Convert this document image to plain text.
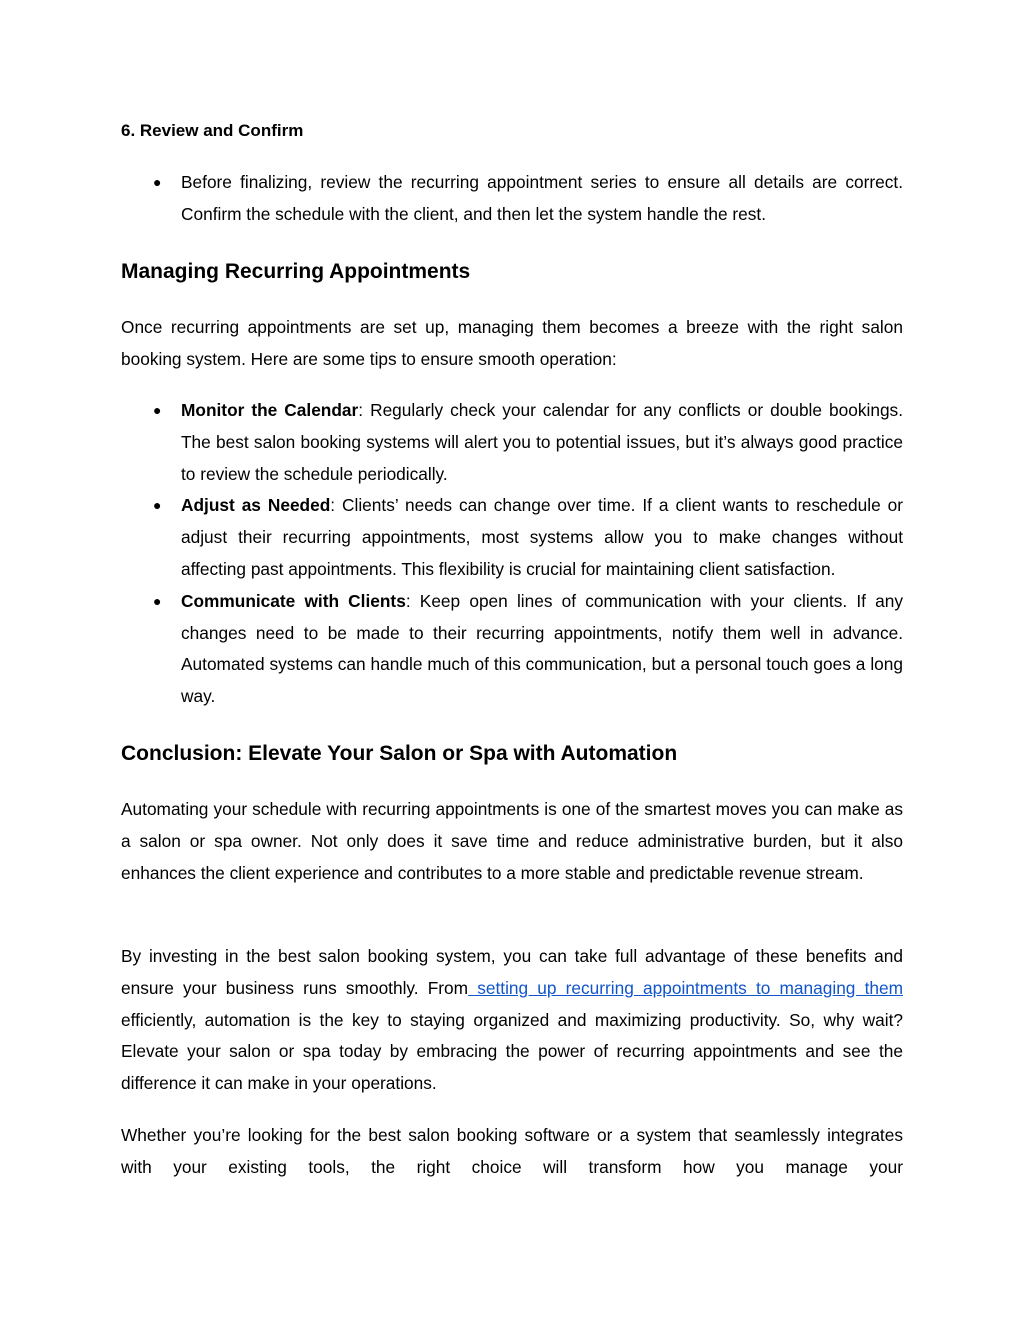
6. Review and Confirm
● Before finalizing, review the recurring appointment series to ensure all details are correct. Confirm the schedule with the client, and then let the system handle the rest.
Managing Recurring Appointments

Once recurring appointments are set up, managing them becomes a breeze with the right salon booking system. Here are some tips to ensure smooth operation:

● Monitor the Calendar: Regularly check your calendar for any conflicts or double bookings. The best salon booking systems will alert you to potential issues, but it’s always good practice to review the schedule periodically.
● Adjust as Needed: Clients’ needs can change over time. If a client wants to reschedule or adjust their recurring appointments, most systems allow you to make changes without affecting past appointments. This flexibility is crucial for maintaining client satisfaction.
● Communicate with Clients: Keep open lines of communication with your clients. If any changes need to be made to their recurring appointments, notify them well in advance. Automated systems can handle much of this communication, but a personal touch goes a long way.
Conclusion: Elevate Your Salon or Spa with Automation

Automating your schedule with recurring appointments is one of the smartest moves you can make as a salon or spa owner. Not only does it save time and reduce administrative burden, but it also enhances the client experience and contributes to a more stable and predictable revenue stream.

By investing in the best salon booking system, you can take full advantage of these benefits and ensure your business runs smoothly. From setting up recurring appointments to managing them efficiently, automation is the key to staying organized and maximizing productivity. So, why wait? Elevate your salon or spa today by embracing the power of recurring appointments and see the difference it can make in your operations.

Whether you’re looking for the best salon booking software or a system that seamlessly integrates with your existing tools, the right choice will transform how you manage your
